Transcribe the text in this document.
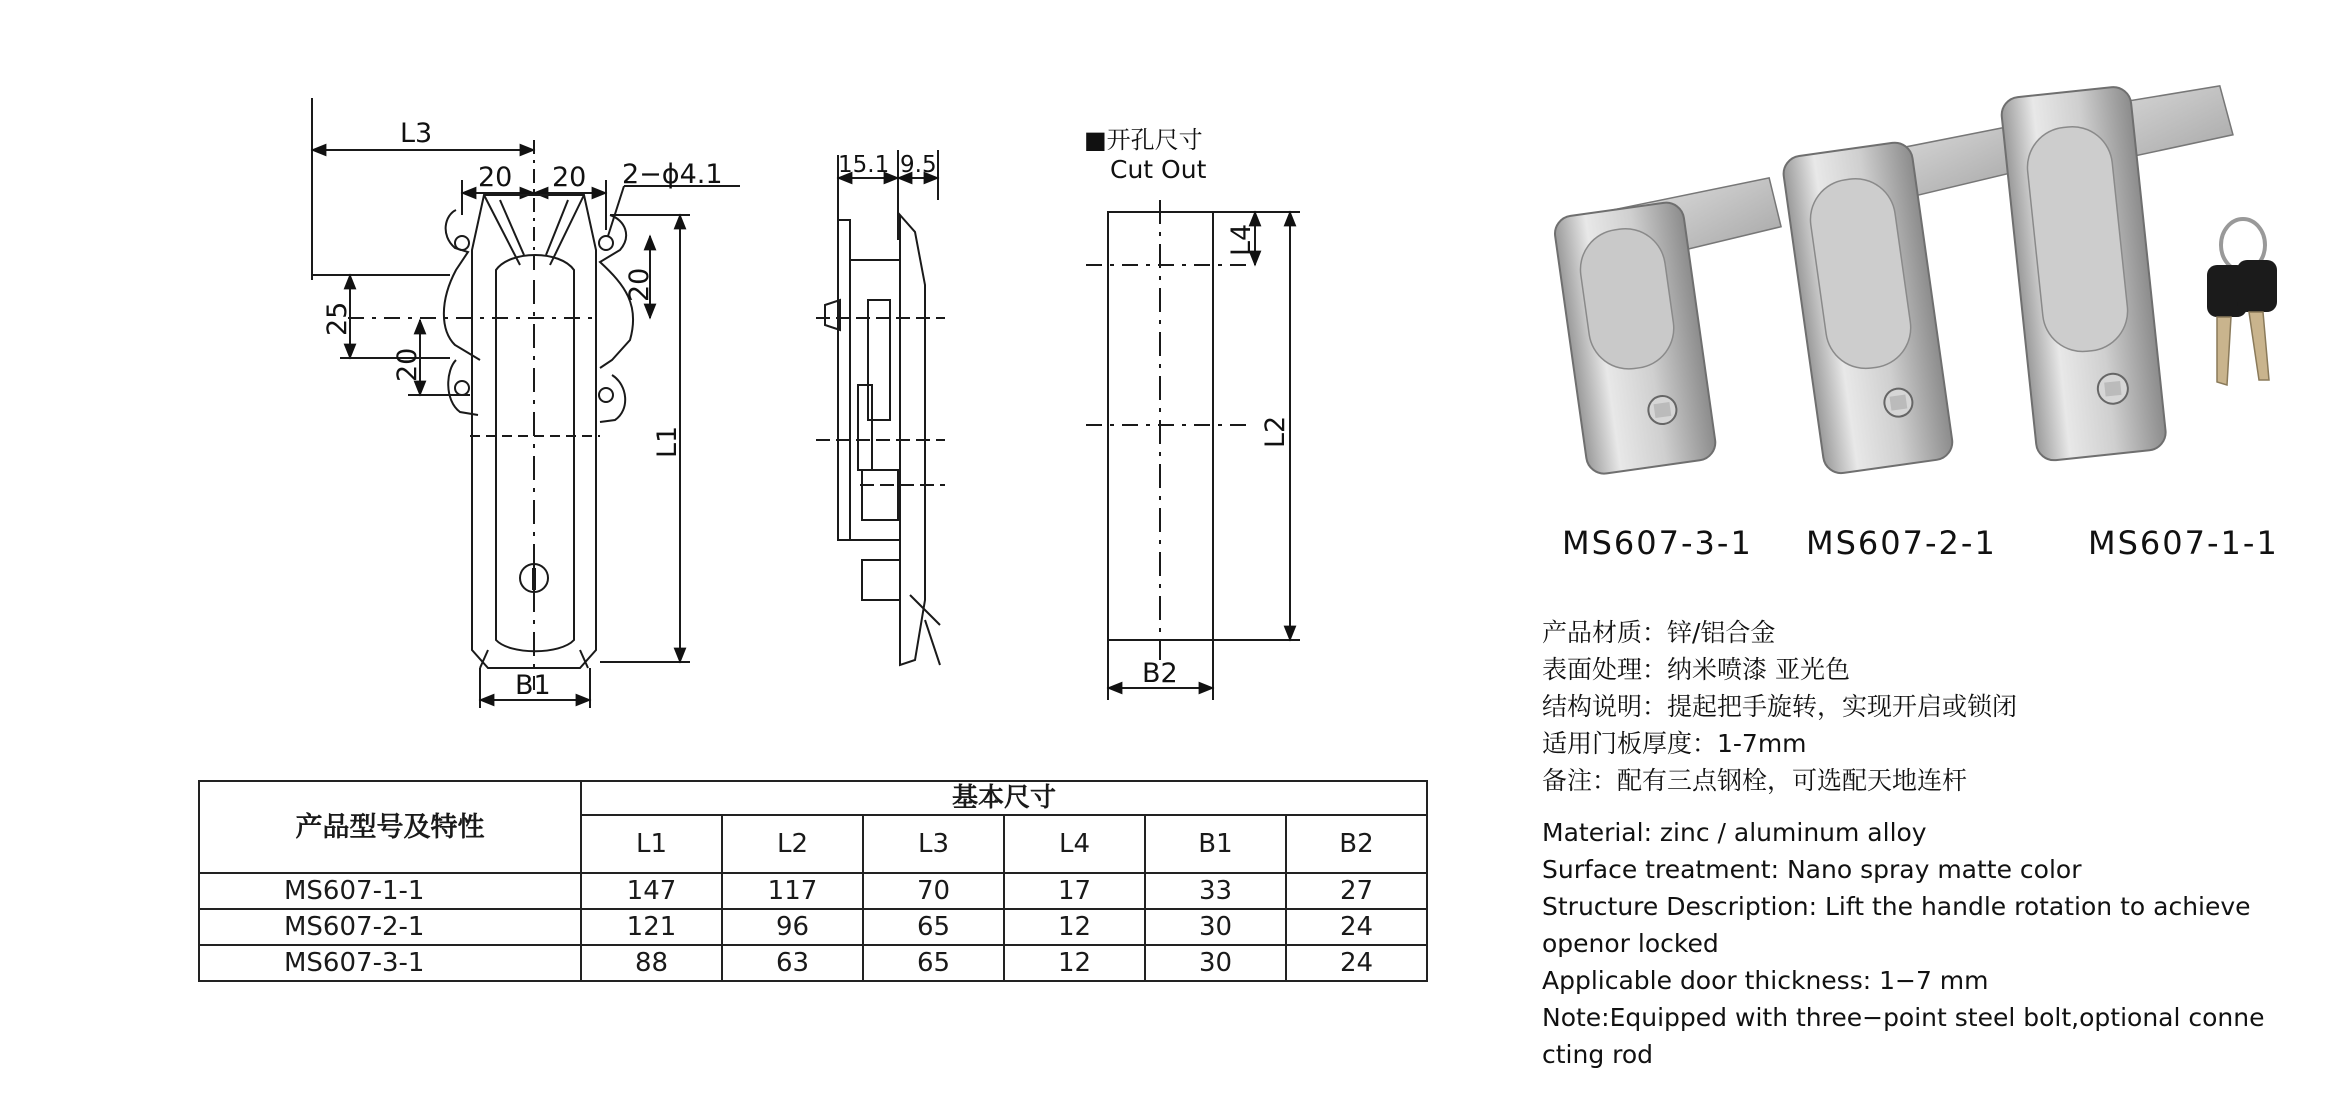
L3
20 20 2−ϕ4.1
20
25
20
L1
B1
15.1 9.5
■开孔尺寸
Cut Out
L4
L2
B2
产品型号及特性	基本尺寸					
	L1	L2	L3	L4	B1	B2
MS607-1-1	147	117	70	17	33	27
MS607-2-1	121	96	65	12	30	24
MS607-3-1	88	63	65	12	30	24
MS607-3-1 MS607-2-1	MS607-1-1
产品材质：锌/铝合金
表面处理：纳米喷漆 亚光色
结构说明：提起把手旋转，实现开启或锁闭
适用门板厚度：1-7mm
备注：配有三点钢栓，可选配天地连杆
Material: zinc / aluminum alloy
Surface treatment: Nano spray matte color
Structure Description: Lift the handle rotation to achieve
openor locked
Applicable door thickness: 1−7 mm
Note:Equipped with three−point steel bolt,optional conne
cting rod
